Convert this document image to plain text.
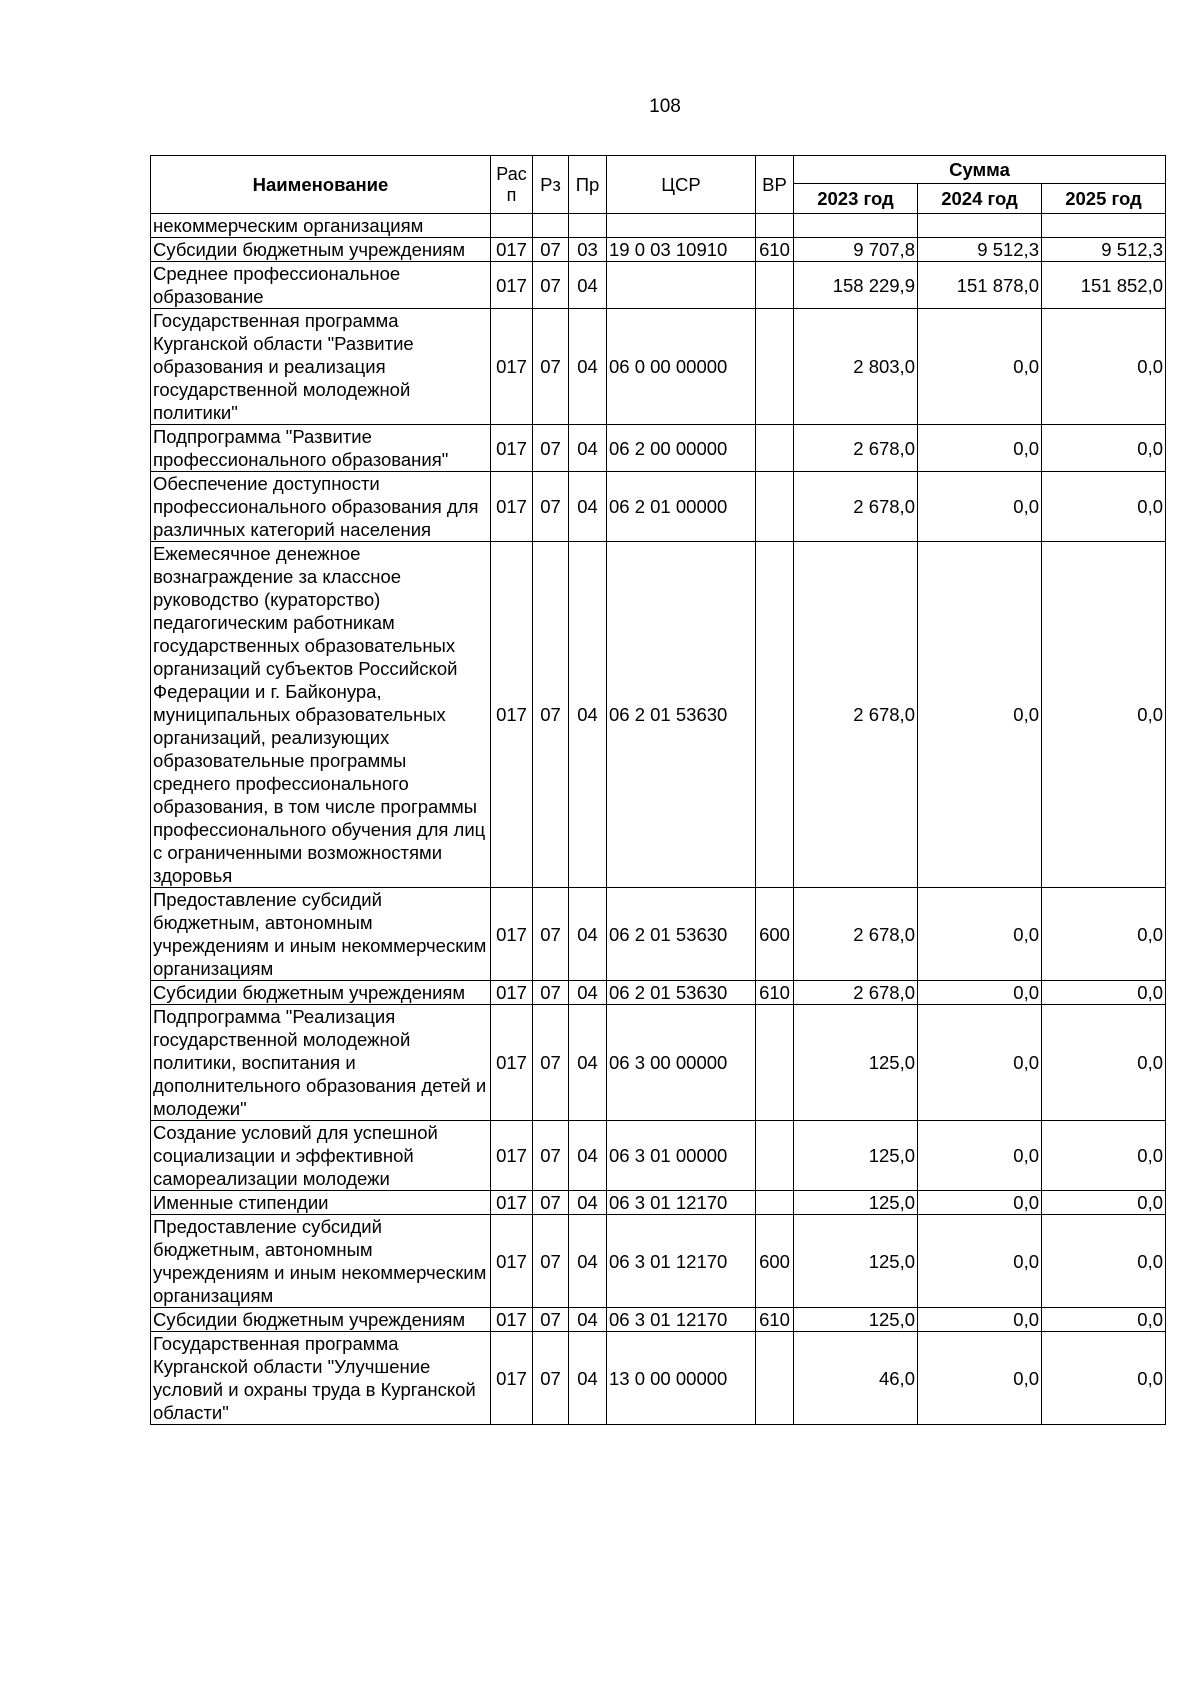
108
Наименование	Рас п	Рз	Пр	ЦСР	ВР	Сумма		
						2023 год	2024 год	2025 год
некоммерческим организациям								
Субсидии бюджетным учреждениям	017	07	03	19 0 03 10910	610	9 707,8	9 512,3	9 512,3
Среднее профессиональное образование	017	07	04			158 229,9	151 878,0	151 852,0
Государственная программа Курганской области "Развитие образования и реализация государственной молодежной политики"	017	07	04	06 0 00 00000		2 803,0	0,0	0,0
Подпрограмма "Развитие профессионального образования"	017	07	04	06 2 00 00000		2 678,0	0,0	0,0
Обеспечение доступности профессионального образования для различных категорий населения	017	07	04	06 2 01 00000		2 678,0	0,0	0,0
Ежемесячное денежное вознаграждение за классное руководство (кураторство) педагогическим работникам государственных образовательных организаций субъектов Российской Федерации и г. Байконура, муниципальных образовательных организаций, реализующих образовательные программы среднего профессионального образования, в том числе программы профессионального обучения для лиц с ограниченными возможностями здоровья	017	07	04	06 2 01 53630		2 678,0	0,0	0,0
Предоставление субсидий бюджетным, автономным учреждениям и иным некоммерческим организациям	017	07	04	06 2 01 53630	600	2 678,0	0,0	0,0
Субсидии бюджетным учреждениям	017	07	04	06 2 01 53630	610	2 678,0	0,0	0,0
Подпрограмма "Реализация государственной молодежной политики, воспитания и дополнительного образования детей и молодежи"	017	07	04	06 3 00 00000		125,0	0,0	0,0
Создание условий для успешной социализации и эффективной самореализации молодежи	017	07	04	06 3 01 00000		125,0	0,0	0,0
Именные стипендии	017	07	04	06 3 01 12170		125,0	0,0	0,0
Предоставление субсидий бюджетным, автономным учреждениям и иным некоммерческим организациям	017	07	04	06 3 01 12170	600	125,0	0,0	0,0
Субсидии бюджетным учреждениям	017	07	04	06 3 01 12170	610	125,0	0,0	0,0
Государственная программа Курганской области "Улучшение условий и охраны труда в Курганской области"	017	07	04	13 0 00 00000		46,0	0,0	0,0
